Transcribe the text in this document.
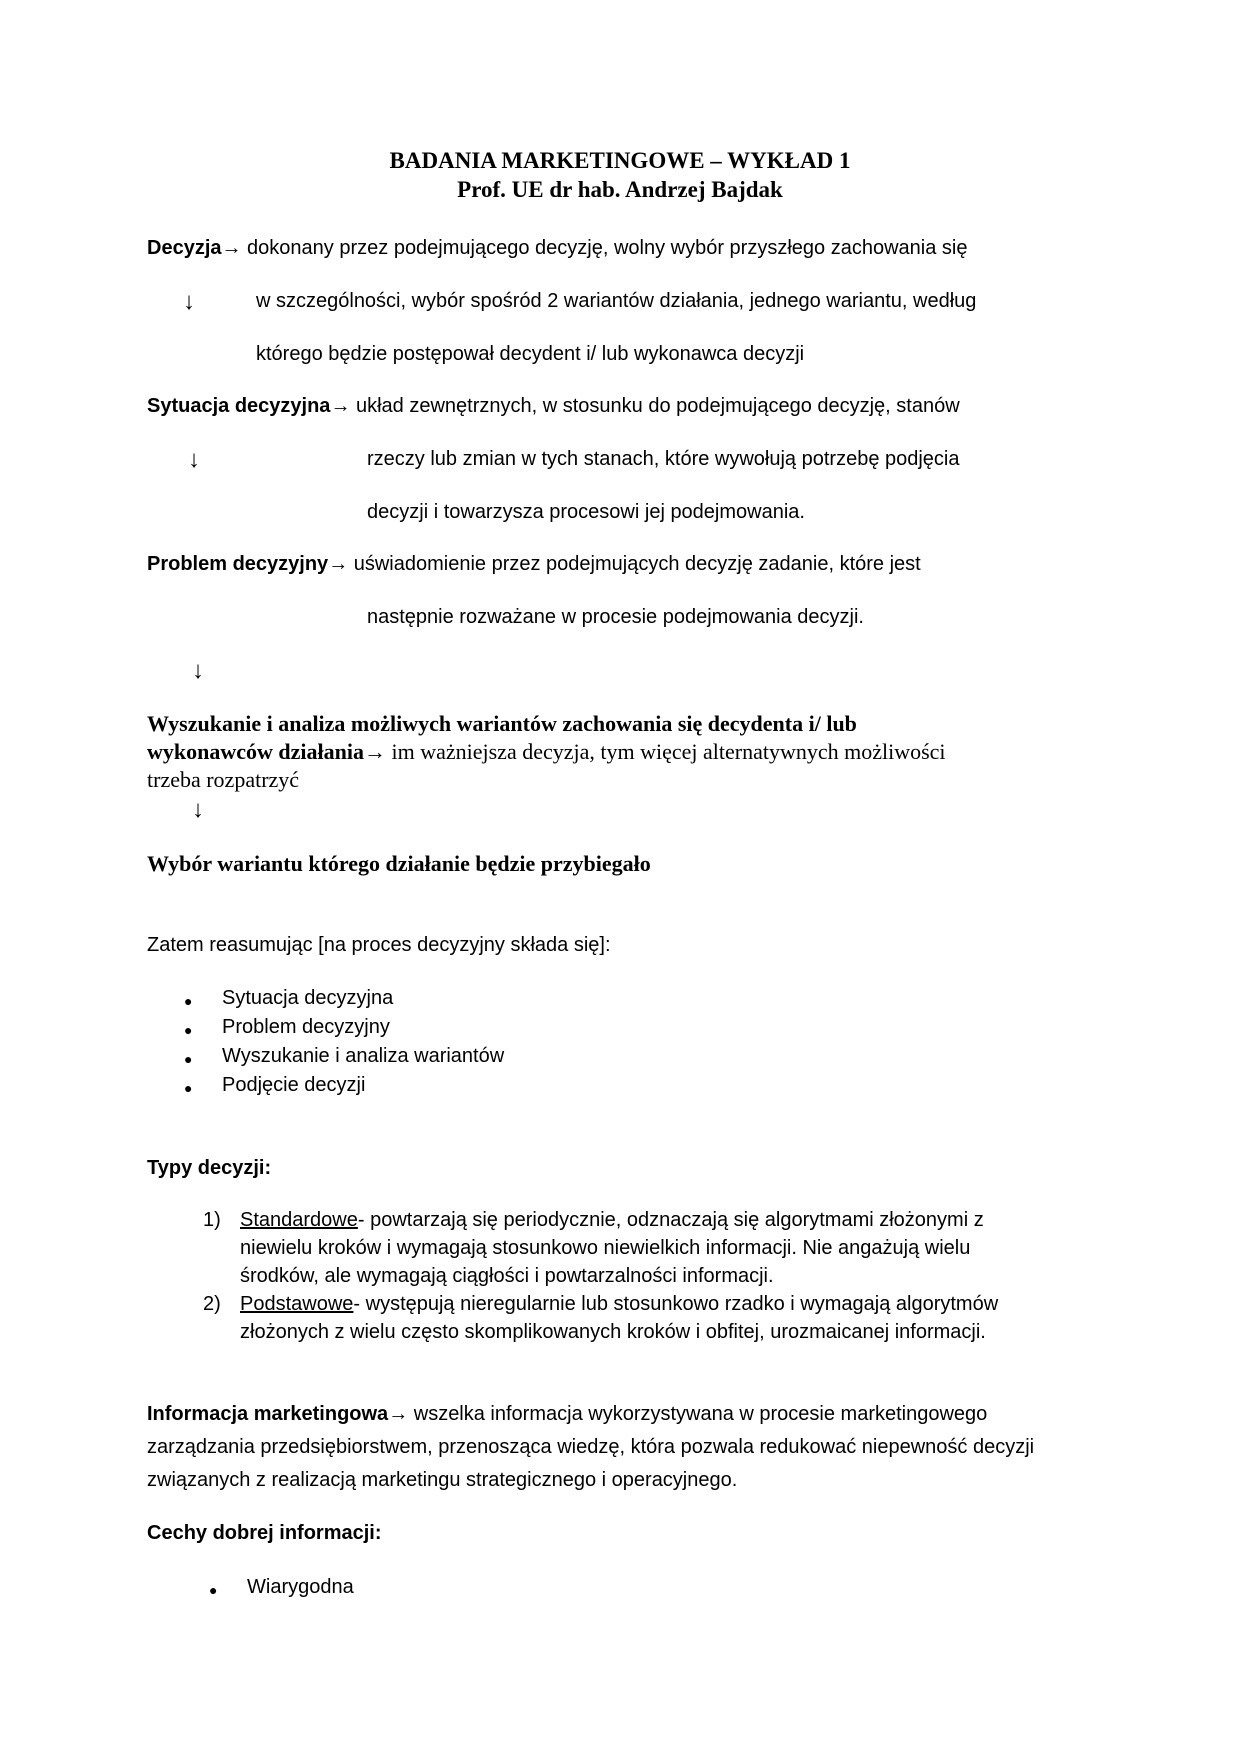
BADANIA MARKETINGOWE – WYKŁAD 1
Prof. UE dr hab. Andrzej Bajdak
Decyzja→ dokonany przez podejmującego decyzję, wolny wybór przyszłego zachowania się
↓	w szczególności, wybór spośród 2 wariantów działania, jednego wariantu, według
którego będzie postępował decydent i/ lub wykonawca decyzji
Sytuacja decyzyjna→ układ zewnętrznych, w stosunku do podejmującego decyzję, stanów
↓	rzeczy lub zmian w tych stanach, które wywołują potrzebę podjęcia
decyzji i towarzysza procesowi jej podejmowania.
Problem decyzyjny→ uświadomienie przez podejmujących decyzję zadanie, które jest
następnie rozważane w procesie podejmowania decyzji.
↓
Wyszukanie i analiza możliwych wariantów zachowania się decydenta i/ lub
wykonawców działania→ im ważniejsza decyzja, tym więcej alternatywnych możliwości
trzeba rozpatrzyć
↓
Wybór wariantu którego działanie będzie przybiegało
Zatem reasumując [na proces decyzyjny składa się]:
● Sytuacja decyzyjna
● Problem decyzyjny
● Wyszukanie i analiza wariantów
● Podjęcie decyzji
Typy decyzji:
1) Standardowe- powtarzają się periodycznie, odznaczają się algorytmami złożonymi z
niewielu kroków i wymagają stosunkowo niewielkich informacji. Nie angażują wielu
środków, ale wymagają ciągłości i powtarzalności informacji.
2) Podstawowe- występują nieregularnie lub stosunkowo rzadko i wymagają algorytmów
złożonych z wielu często skomplikowanych kroków i obfitej, urozmaicanej informacji.
Informacja marketingowa→ wszelka informacja wykorzystywana w procesie marketingowego
zarządzania przedsiębiorstwem, przenosząca wiedzę, która pozwala redukować niepewność decyzji
związanych z realizacją marketingu strategicznego i operacyjnego.
Cechy dobrej informacji:
● Wiarygodna
